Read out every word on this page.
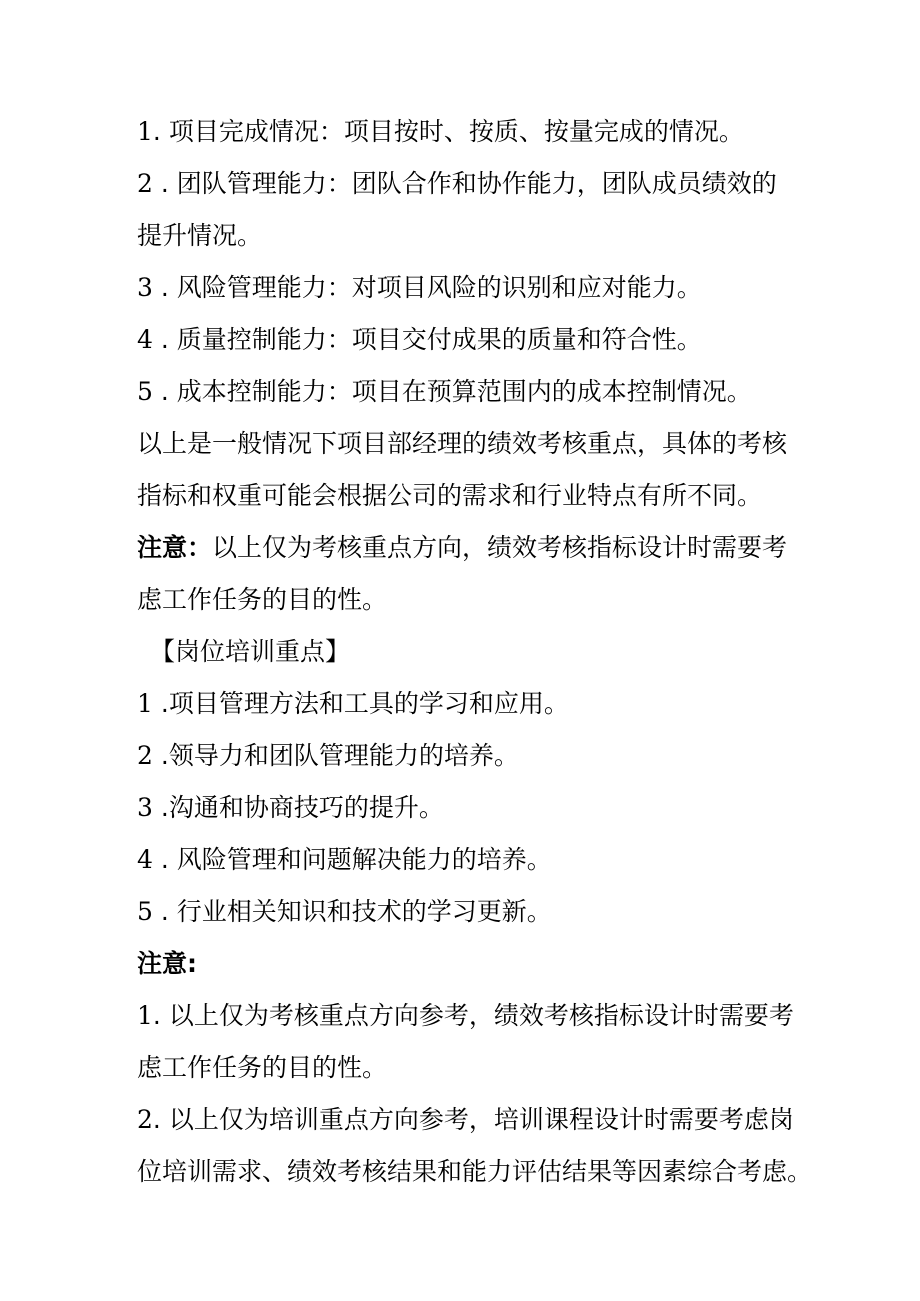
1. 项目完成情况：项目按时、按质、按量完成的情况。
2 . 团队管理能力：团队合作和协作能力，团队成员绩效的
提升情况。
3 . 风险管理能力：对项目风险的识别和应对能力。
4 . 质量控制能力：项目交付成果的质量和符合性。
5 . 成本控制能力：项目在预算范围内的成本控制情况。
以上是一般情况下项目部经理的绩效考核重点，具体的考核
指标和权重可能会根据公司的需求和行业特点有所不同。
注意：以上仅为考核重点方向，绩效考核指标设计时需要考
虑工作任务的目的性。
【岗位培训重点】
1 .项目管理方法和工具的学习和应用。
2 .领导力和团队管理能力的培养。
3 .沟通和协商技巧的提升。
4 . 风险管理和问题解决能力的培养。
5 . 行业相关知识和技术的学习更新。
注意:
1. 以上仅为考核重点方向参考，绩效考核指标设计时需要考
虑工作任务的目的性。
2. 以上仅为培训重点方向参考，培训课程设计时需要考虑岗
位培训需求、绩效考核结果和能力评估结果等因素综合考虑。
